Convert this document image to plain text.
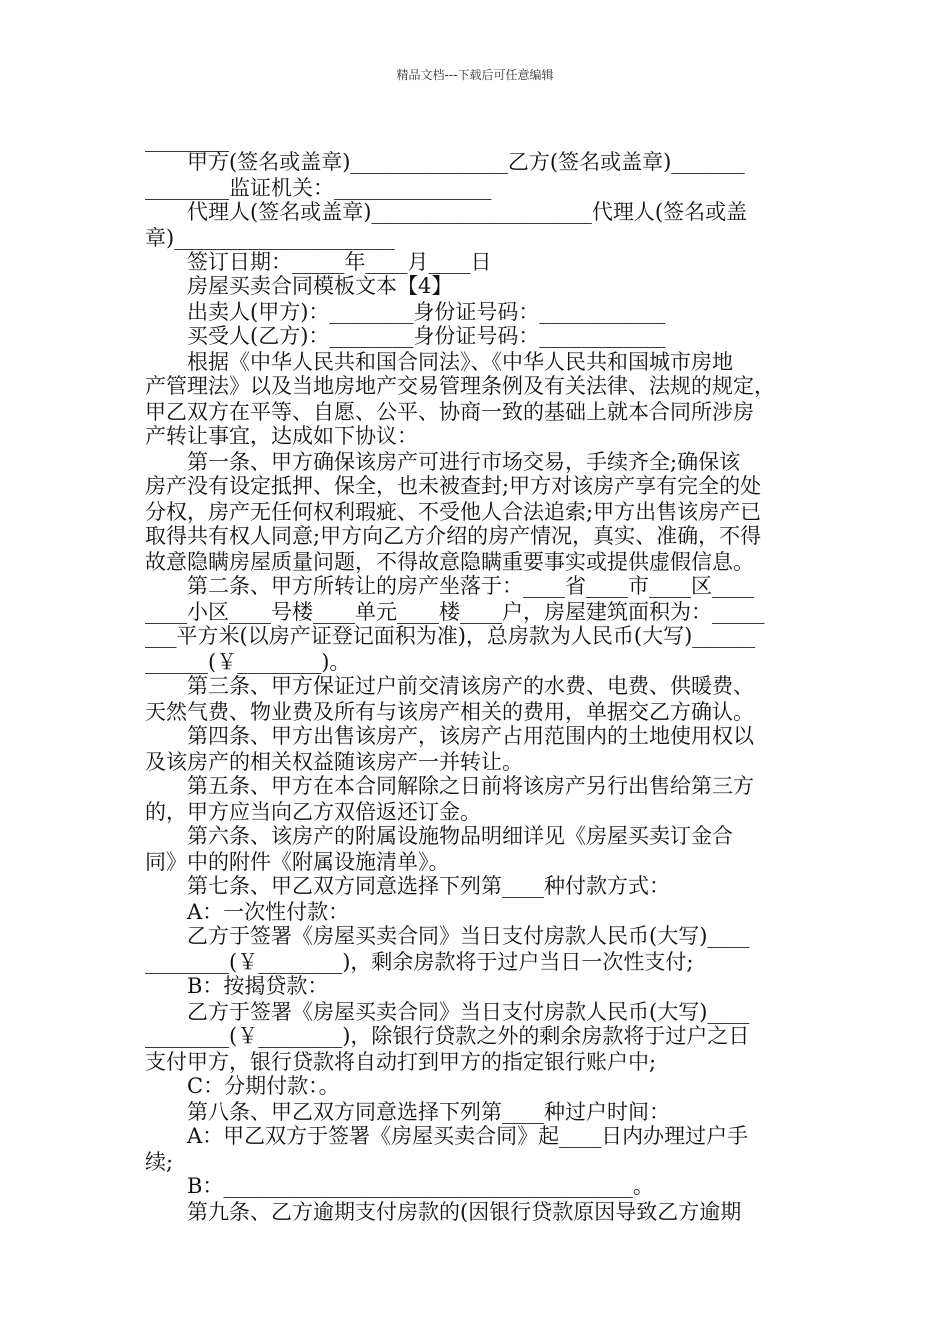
精品文档---下载后可任意编辑
________
　　甲方(签名或盖章)_______________乙方(签名或盖章)_______
________监证机关：_______________
　　代理人(签名或盖章)_____________________代理人(签名或盖
章)_____________________
　　签订日期：_____年____月____日
　　房屋买卖合同模板文本【4】
　　出卖人(甲方)：________身份证号码：____________
　　买受人(乙方)：________身份证号码：____________
　　根据《中华人民共和国合同法》、《中华人民共和国城市房地
产管理法》以及当地房地产交易管理条例及有关法律、法规的规定，
甲乙双方在平等、自愿、公平、协商一致的基础上就本合同所涉房
产转让事宜，达成如下协议：
　　第一条、甲方确保该房产可进行市场交易，手续齐全;确保该
房产没有设定抵押、保全，也未被查封;甲方对该房产享有完全的处
分权，房产无任何权利瑕疵、不受他人合法追索;甲方出售该房产已
取得共有权人同意;甲方向乙方介绍的房产情况，真实、准确，不得
故意隐瞒房屋质量问题，不得故意隐瞒重要事实或提供虚假信息。
　　第二条、甲方所转让的房产坐落于：____省____市____区____
____小区____号楼____单元____楼____户，房屋建筑面积为：_____
___平方米(以房产证登记面积为准)，总房款为人民币(大写)______
______(￥________)。
　　第三条、甲方保证过户前交清该房产的水费、电费、供暖费、
天然气费、物业费及所有与该房产相关的费用，单据交乙方确认。
　　第四条、甲方出售该房产，该房产占用范围内的土地使用权以
及该房产的相关权益随该房产一并转让。
　　第五条、甲方在本合同解除之日前将该房产另行出售给第三方
的，甲方应当向乙方双倍返还订金。
　　第六条、该房产的附属设施物品明细详见《房屋买卖订金合
同》中的附件《附属设施清单》。
　　第七条、甲乙双方同意选择下列第____种付款方式：
　　A：一次性付款：
　　乙方于签署《房屋买卖合同》当日支付房款人民币(大写)____
________(￥________)，剩余房款将于过户当日一次性支付;
　　B：按揭贷款：
　　乙方于签署《房屋买卖合同》当日支付房款人民币(大写)____
________(￥________)，除银行贷款之外的剩余房款将于过户之日
支付甲方，银行贷款将自动打到甲方的指定银行账户中;
　　C：分期付款：。
　　第八条、甲乙双方同意选择下列第____种过户时间：
　　A：甲乙双方于签署《房屋买卖合同》起____日内办理过户手
续;
　　B：_______________________________________。
　　第九条、乙方逾期支付房款的(因银行贷款原因导致乙方逾期
